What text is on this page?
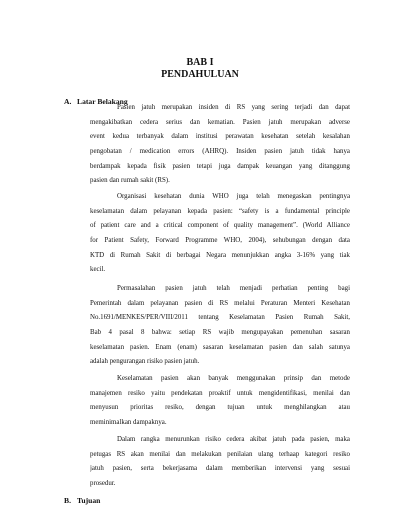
BAB I
PENDAHULUAN
A. Latar Belakang
Pasien jatuh merupakan insiden di RS yang sering terjadi dan dapat
mengakibatkan cedera serius dan kematian. Pasien jatuh merupakan adverse
event kedua terbanyak dalam institusi perawatan kesehatan setelah kesalahan
pengobatan / medication errors (AHRQ). Insiden pasien jatuh tidak hanya
berdampak kepada fisik pasien tetapi juga dampak keuangan yang ditanggung
pasien dan rumah sakit (RS).
Organisasi kesehatan dunia WHO juga telah menegaskan pentingnya
keselamatan dalam pelayanan kepada pasien: “safety is a fundamental principle
of patient care and a critical component of quality management”. (World Alliance
for Patient Safety, Forward Programme WHO, 2004), sehubungan dengan data
KTD di Rumah Sakit di berbagai Negara menunjukkan angka 3-16% yang tiak
kecil.
Permasalahan pasien jatuh telah menjadi perhatian penting bagi
Pemerintah dalam pelayanan pasien di RS melalui Peraturan Menteri Kesehatan
No.1691/MENKES/PER/VIII/2011 tentang Keselamatan Pasien Rumah Sakit,
Bab 4 pasal 8 bahwa: setiap RS wajib mengupayakan pemenuhan sasaran
keselamatan pasien. Enam (enam) sasaran keselamatan pasien dan salah satunya
adalah pengurangan risiko pasien jatuh.
Keselamatan pasien akan banyak menggunakan prinsip dan metode
manajemen resiko yaitu pendekatan proaktif untuk mengidentifikasi, menilai dan
menyusun prioritas resiko, dengan tujuan untuk menghilangkan atau
meminimalkan dampaknya.
Dalam rangka menurunkan risiko cedera akibat jatuh pada pasien, maka
petugas RS akan menilai dan melakukan penilaian ulang terhaap kategori resiko
jatuh pasien, serta bekerjasama dalam memberikan intervensi yang sesuai
prosedur.
B. Tujuan
